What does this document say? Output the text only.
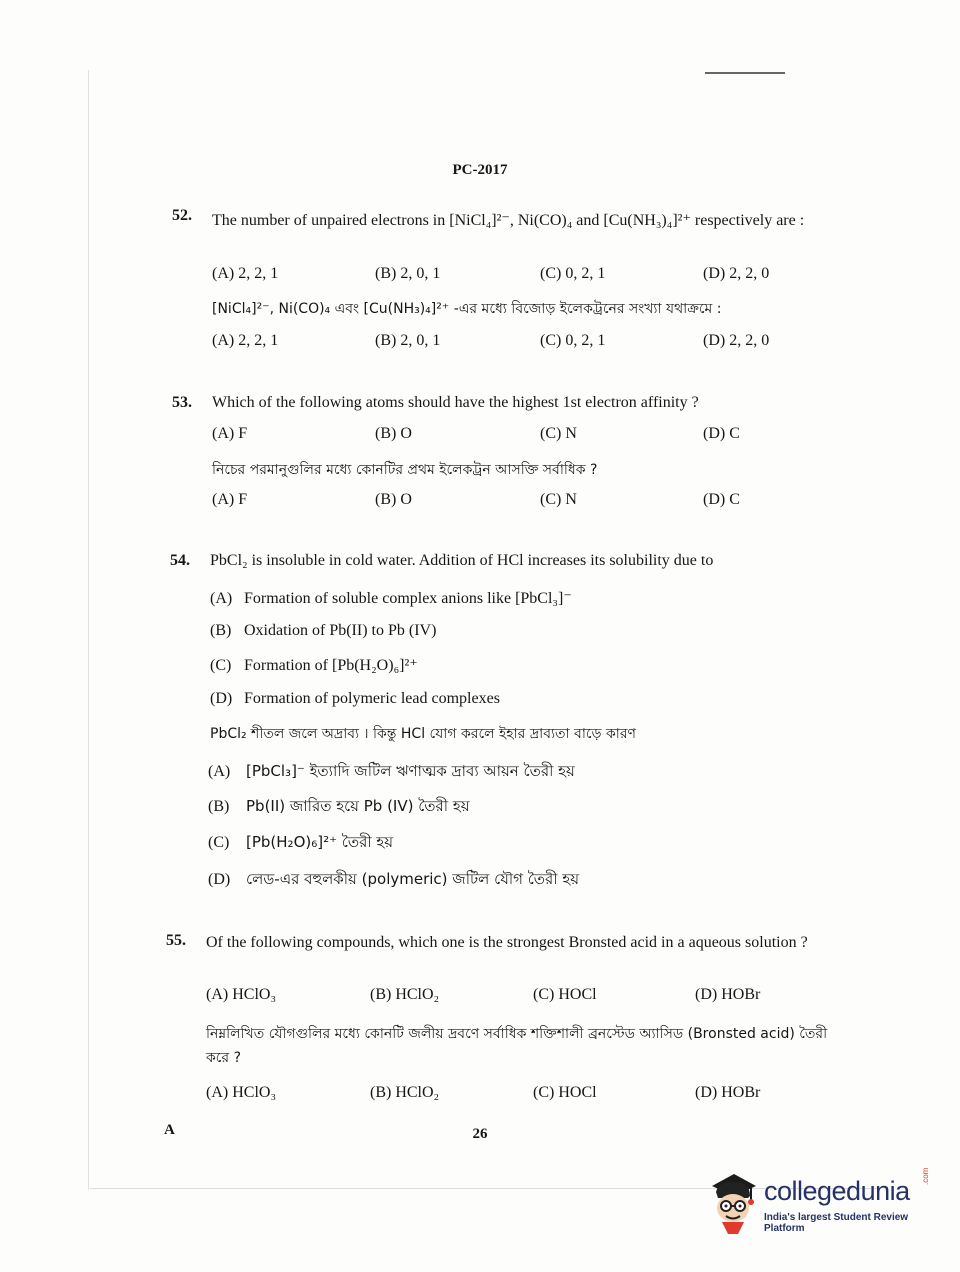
PC-2017
52. The number of unpaired electrons in [NiCl₄]²⁻, Ni(CO)₄ and [Cu(NH₃)₄]²⁺ respectively are :
(A) 2, 2, 1	(B) 2, 0, 1	(C) 0, 2, 1	(D) 2, 2, 0
[NiCl₄]²⁻, Ni(CO)₄ এবং [Cu(NH₃)₄]²⁺ -এর মধ্যে বিজোড় ইলেকট্রনের সংখ্যা যথাক্রমে :
(A) 2, 2, 1	(B) 2, 0, 1	(C) 0, 2, 1	(D) 2, 2, 0
53. Which of the following atoms should have the highest 1st electron affinity ?
(A) F	(B) O	(C) N	(D) C
নিচের পরমানুগুলির মধ্যে কোনটির প্রথম ইলেকট্রন আসক্তি সর্বাধিক ?
(A) F	(B) O	(C) N	(D) C
54. PbCl₂ is insoluble in cold water. Addition of HCl increases its solubility due to
(A) Formation of soluble complex anions like [PbCl₃]⁻
(B) Oxidation of Pb(II) to Pb (IV)
(C) Formation of [Pb(H₂O)₆]²⁺
(D) Formation of polymeric lead complexes
PbCl₂ শীতল জলে অদ্রাব্য । কিন্তু HCl যোগ করলে ইহার দ্রাব্যতা বাড়ে কারণ
(A) [PbCl₃]⁻ ইত্যাদি জটিল ঋণাত্মক দ্রাব্য আয়ন তৈরী হয়
(B) Pb(II) জারিত হয়ে Pb (IV) তৈরী হয়
(C) [Pb(H₂O)₆]²⁺ তৈরী হয়
(D) লেড-এর বহুলকীয় (polymeric) জটিল যৌগ তৈরী হয়
55. Of the following compounds, which one is the strongest Bronsted acid in a aqueous solution ?
(A) HClO₃	(B) HClO₂	(C) HOCl	(D) HOBr
নিম্নলিখিত যৌগগুলির মধ্যে কোনটি জলীয় দ্রবণে সর্বাধিক শক্তিশালী ব্রনস্টেড অ্যাসিড (Bronsted acid) তৈরী করে ?
(A) HClO₃	(B) HClO₂	(C) HOCl	(D) HOBr
A	26
collegedunia .com
India's largest Student Review Platform
